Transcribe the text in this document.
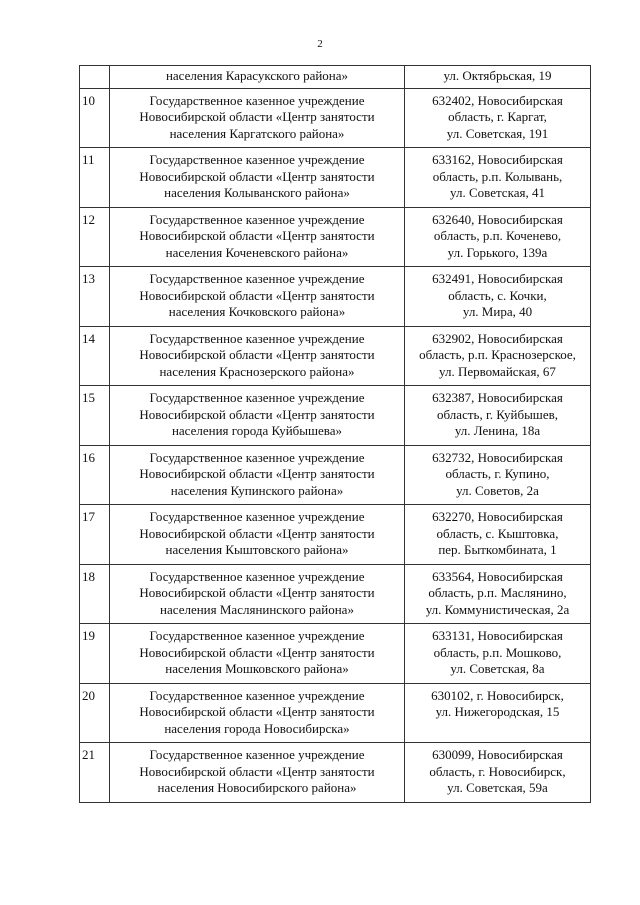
2

	населения Карасукского района»	ул. Октябрьская, 19

10	Государственное казенное учреждение
Новосибирской области «Центр занятости
населения Каргатского района»	632402, Новосибирская
область, г. Каргат,
ул. Советская, 191

11	Государственное казенное учреждение
Новосибирской области «Центр занятости
населения Колыванского района»	633162, Новосибирская
область, р.п. Колывань,
ул. Советская, 41

12	Государственное казенное учреждение
Новосибирской области «Центр занятости
населения Коченевского района»	632640, Новосибирская
область, р.п. Коченево,
ул. Горького, 139а

13	Государственное казенное учреждение
Новосибирской области «Центр занятости
населения Кочковского района»	632491, Новосибирская
область, с. Кочки,
ул. Мира, 40

14	Государственное казенное учреждение
Новосибирской области «Центр занятости
населения Краснозерского района»	632902, Новосибирская
область, р.п. Краснозерское,
ул. Первомайская, 67

15	Государственное казенное учреждение
Новосибирской области «Центр занятости
населения города Куйбышева»	632387, Новосибирская
область, г. Куйбышев,
ул. Ленина, 18а

16	Государственное казенное учреждение
Новосибирской области «Центр занятости
населения Купинского района»	632732, Новосибирская
область, г. Купино,
ул. Советов, 2а

17	Государственное казенное учреждение
Новосибирской области «Центр занятости
населения Кыштовского района»	632270, Новосибирская
область, с. Кыштовка,
пер. Быткомбината, 1

18	Государственное казенное учреждение
Новосибирской области «Центр занятости
населения Маслянинского района»	633564, Новосибирская
область, р.п. Маслянино,
ул. Коммунистическая, 2а

19	Государственное казенное учреждение
Новосибирской области «Центр занятости
населения Мошковского района»	633131, Новосибирская
область, р.п. Мошково,
ул. Советская, 8а

20	Государственное казенное учреждение
Новосибирской области «Центр занятости
населения города Новосибирска»	630102, г. Новосибирск,
ул. Нижегородская, 15

21	Государственное казенное учреждение
Новосибирской области «Центр занятости
населения Новосибирского района»	630099, Новосибирская
область, г. Новосибирск,
ул. Советская, 59а
